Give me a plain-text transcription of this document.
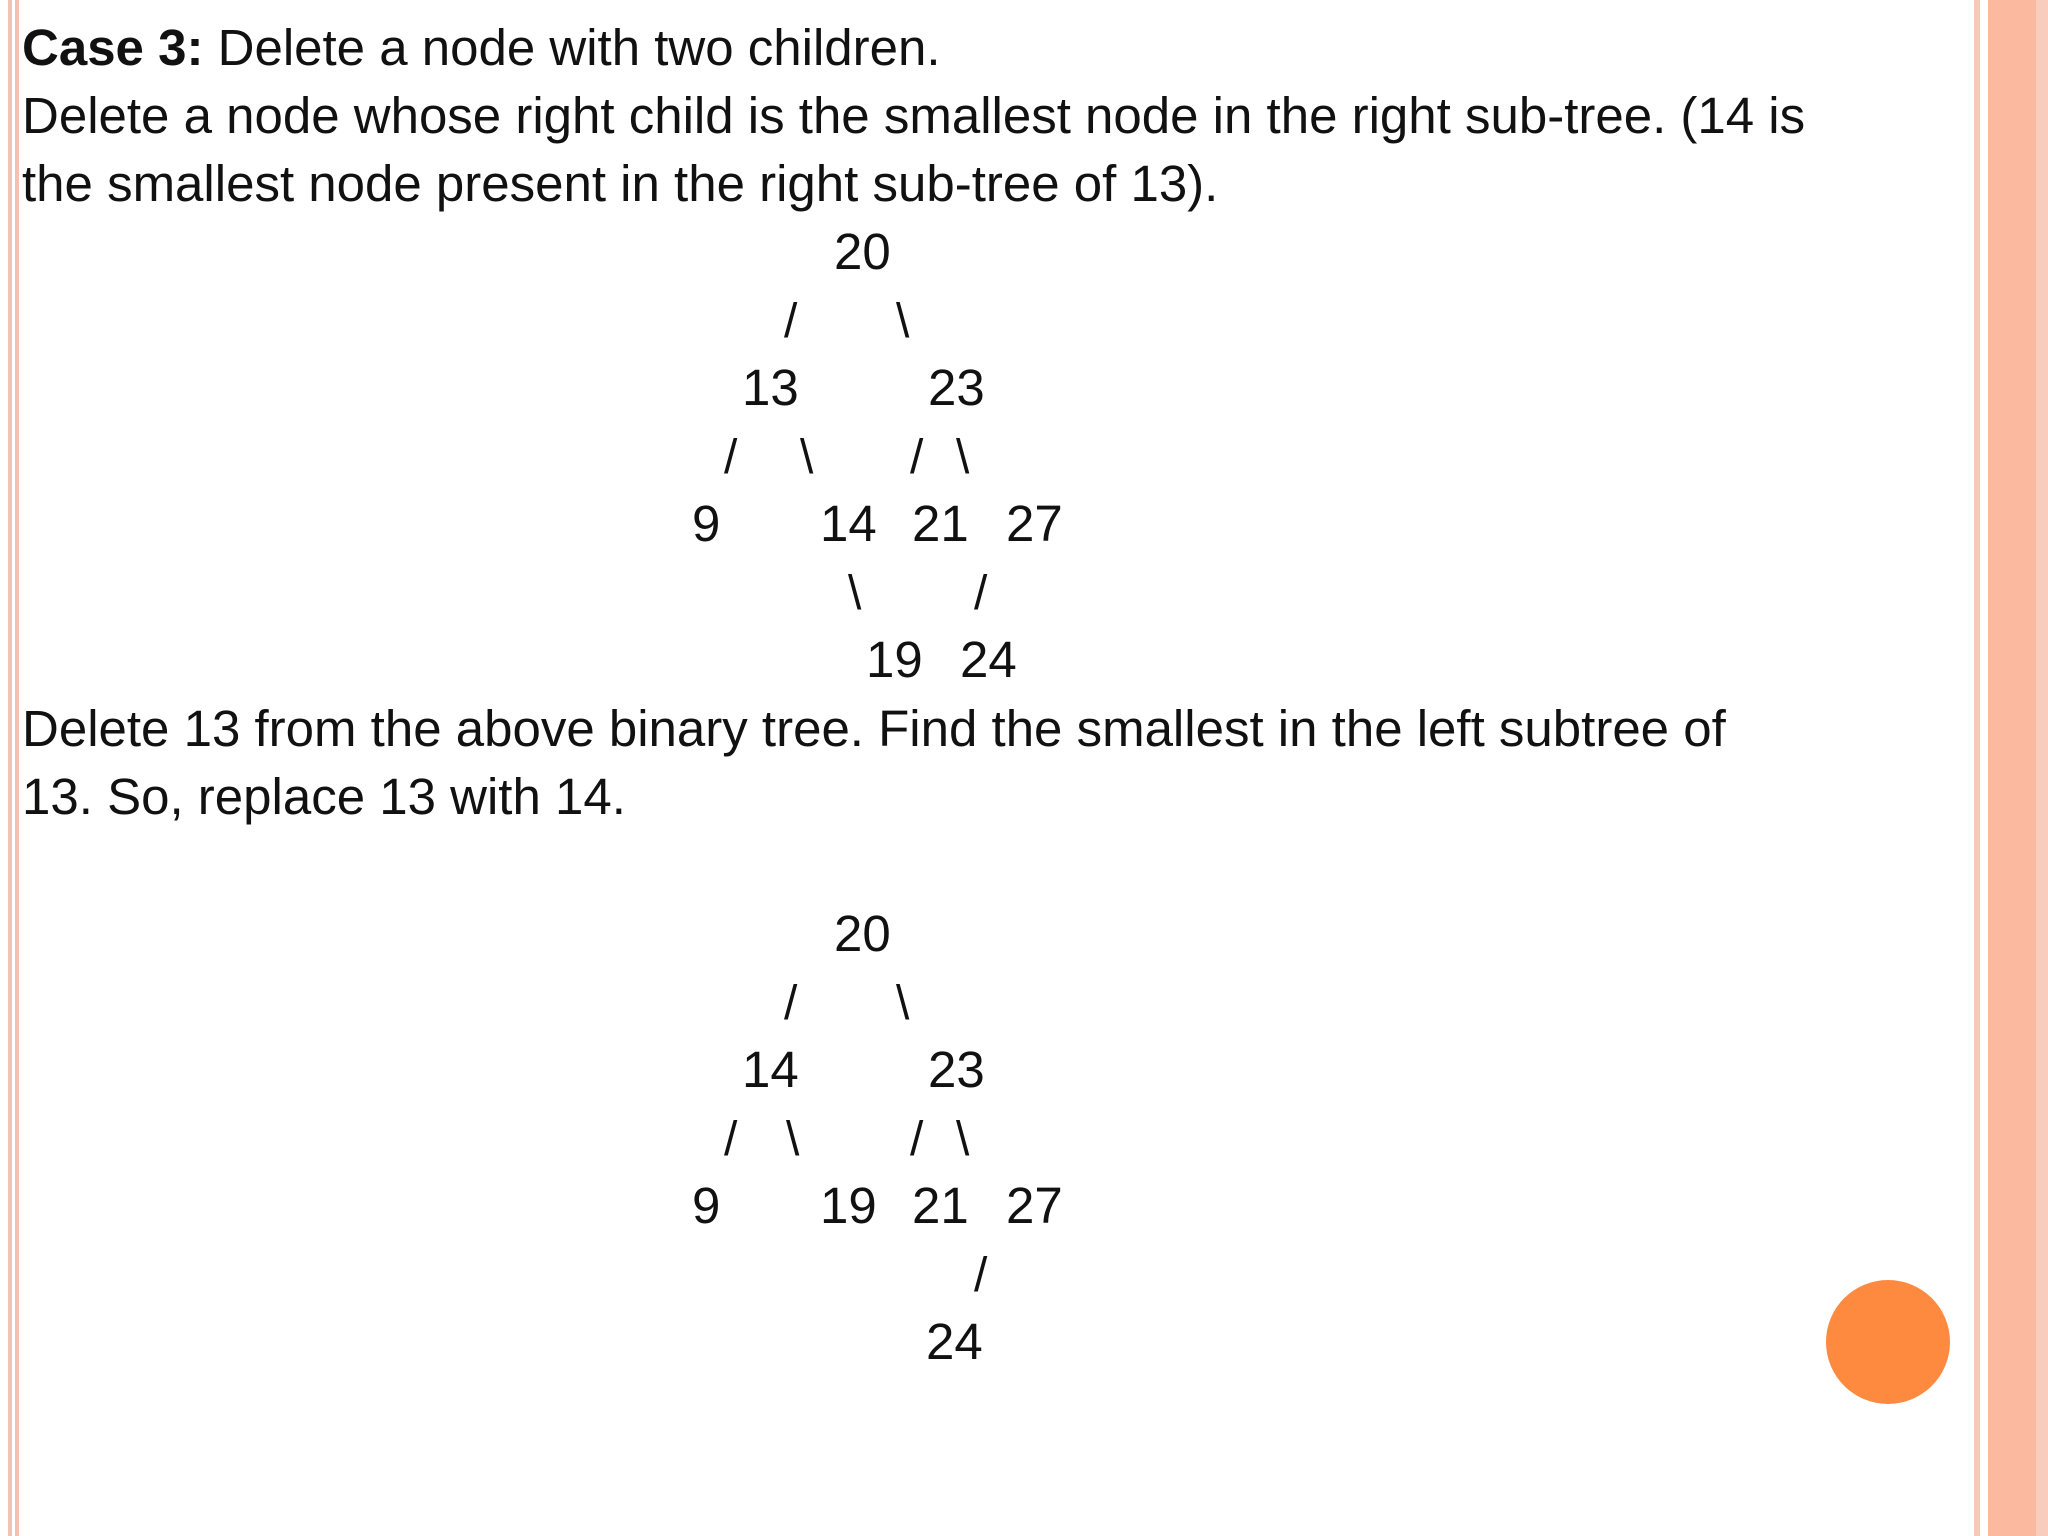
Case 3: Delete a node with two children.
Delete a node whose right child is the smallest node in the right sub-tree. (14 is
the smallest node present in the right sub-tree of 13).
20
/ \
13	23
/ \ / \
9 14 21 27
\ /
19 24
Delete 13 from the above binary tree. Find the smallest in the left subtree of
13. So, replace 13 with 14.
20
/ \
14	23
/ \ / \
9 19 21 27
/
24
